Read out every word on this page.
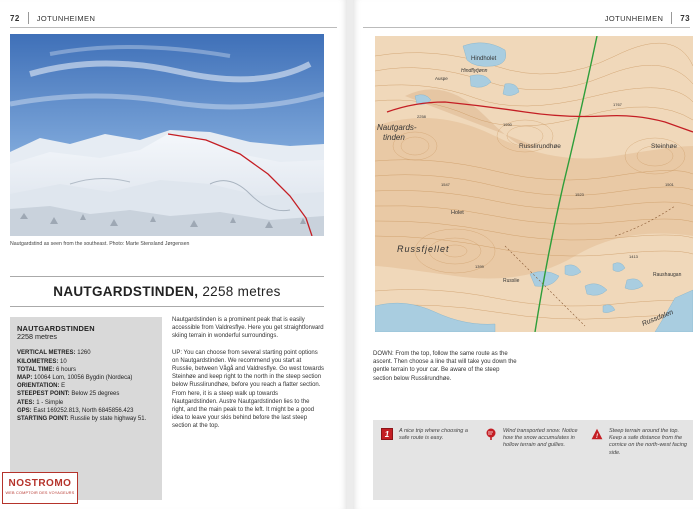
72 JOTUNHEIMEN
Nautgardstind as seen from the southeast. Photo: Marte Stensland Jørgensen
NAUTGARDSTINDEN, 2258 metres
NAUTGARDSTINDEN
2258 metres
VERTICAL METRES: 1260
KILOMETRES: 10
TOTAL TIME: 6 hours
MAP: 10064 Lom, 10056 Bygdin (Nordeca)
ORIENTATION: E
STEEPEST POINT: Below 25 degrees
ATES: 1 - Simple
GPS: East 169252.813, North 6845856.423
STARTING POINT: Russlie by state highway 51.

Nautgardstinden is a prominent peak that is easily accessible from Valdresflye. Here you get straightforward skiing terrain in wonderful surroundings.

UP: You can choose from several starting point options on Nautgardstinden. We recommend you start at Russlie, between Vågå and Valdresflye. Go west towards Steinhøe and keep right to the north in the steep section below Russlirundhøe, before you reach a flatter section. From here, it is a steep walk up towards Nautgardstinden. Austre Nautgardstinden lies to the right, and the main peak to the left. It might be a good idea to leave your skis behind before the last steep section at the top.

NOSTROMO
WEB COMPTOIR DES VOYAGEURS
JOTUNHEIMEN 73
Hindholet
Hindflytjønn
Auspe
Nautgards-
tinden
Russlirundhøe	Steinhøe
Holet
Russfjellet
Russlie
Raushaugan
Russdalen
2258
1990
1767
1523
1547
1399
1413
1501
DOWN: From the top, follow the same route as the ascent. Then choose a line that will take you down the gentle terrain to your car. Be aware of the steep section below Russlirundhøe.
1 A nice trip where choosing a safe route is easy.
Wind transported snow. Notice how the snow accumulates in hollow terrain and gullies.
!
Steep terrain around the top. Keep a safe distance from the cornice on the north-west facing side.
